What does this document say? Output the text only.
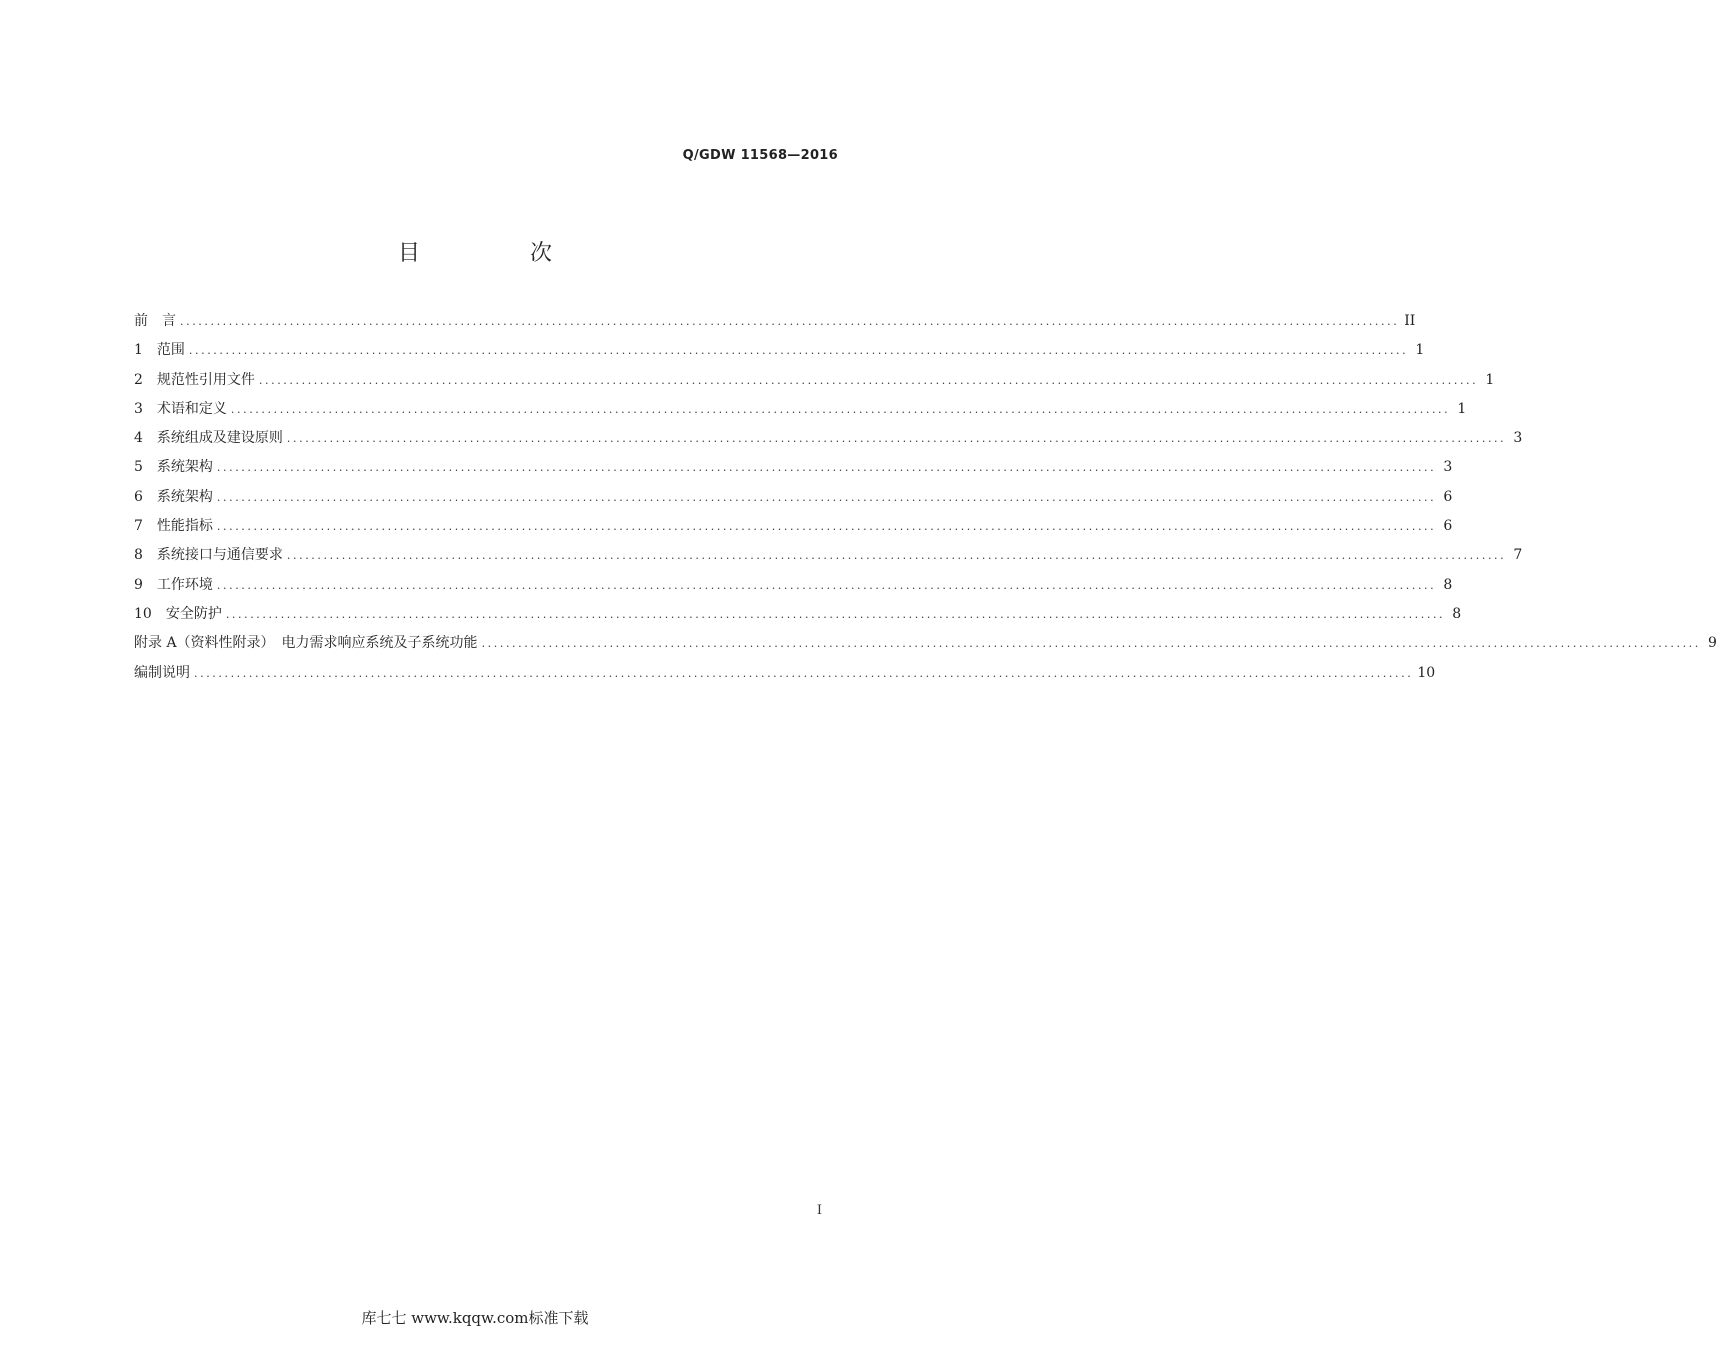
Q/GDW 11568—2016
目　次
前 　言 ........................................................................................................................................................................................................ II
1 范围 ........................................................................................................................................................................................................ 1
2 规范性引用文件 ........................................................................................................................................................................................................ 1
3 术语和定义 ........................................................................................................................................................................................................ 1
4 系统组成及建设原则 ........................................................................................................................................................................................................ 3
5 系统架构 ........................................................................................................................................................................................................ 3
6 系统架构 ........................................................................................................................................................................................................ 6
7 性能指标 ........................................................................................................................................................................................................ 6
8 系统接口与通信要求 ........................................................................................................................................................................................................ 7
9 工作环境 ........................................................................................................................................................................................................ 8
10 安全防护 ........................................................................................................................................................................................................ 8
附录 A（资料性附录）　电力需求响应系统及子系统功能 ........................................................................................................................................................................................................ 9
编制说明 ........................................................................................................................................................................................................ 10
I
库七七 www.kqqw.com标准下载
